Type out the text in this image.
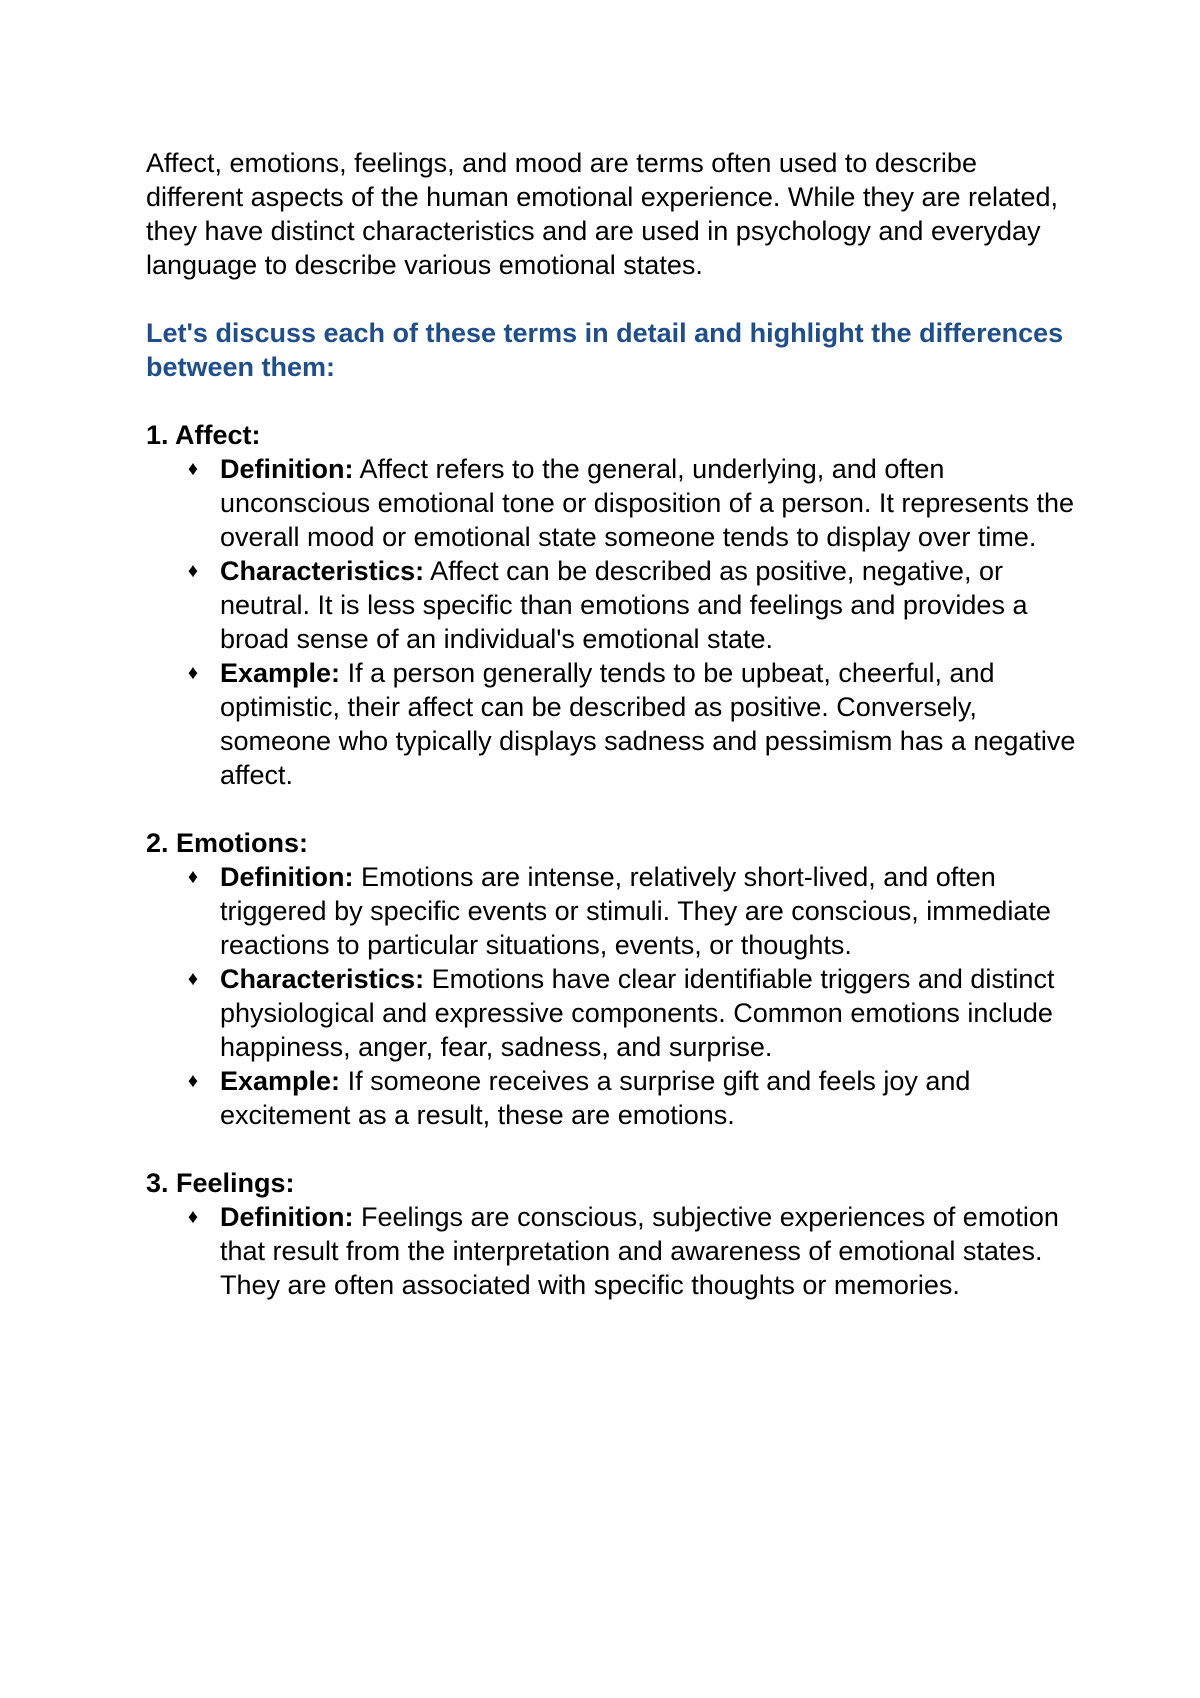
Affect, emotions, feelings, and mood are terms often used to describe different aspects of the human emotional experience. While they are related, they have distinct characteristics and are used in psychology and everyday language to describe various emotional states.

Let's discuss each of these terms in detail and highlight the differences between them:

1. Affect:

♦ Definition: Affect refers to the general, underlying, and often unconscious emotional tone or disposition of a person. It represents the overall mood or emotional state someone tends to display over time.
♦ Characteristics: Affect can be described as positive, negative, or neutral. It is less specific than emotions and feelings and provides a broad sense of an individual's emotional state.
♦ Example: If a person generally tends to be upbeat, cheerful, and optimistic, their affect can be described as positive. Conversely, someone who typically displays sadness and pessimism has a negative affect.

2. Emotions:

♦ Definition: Emotions are intense, relatively short-lived, and often triggered by specific events or stimuli. They are conscious, immediate reactions to particular situations, events, or thoughts.
♦ Characteristics: Emotions have clear identifiable triggers and distinct physiological and expressive components. Common emotions include happiness, anger, fear, sadness, and surprise.
♦ Example: If someone receives a surprise gift and feels joy and excitement as a result, these are emotions.

3. Feelings:

♦ Definition: Feelings are conscious, subjective experiences of emotion that result from the interpretation and awareness of emotional states. They are often associated with specific thoughts or memories.
